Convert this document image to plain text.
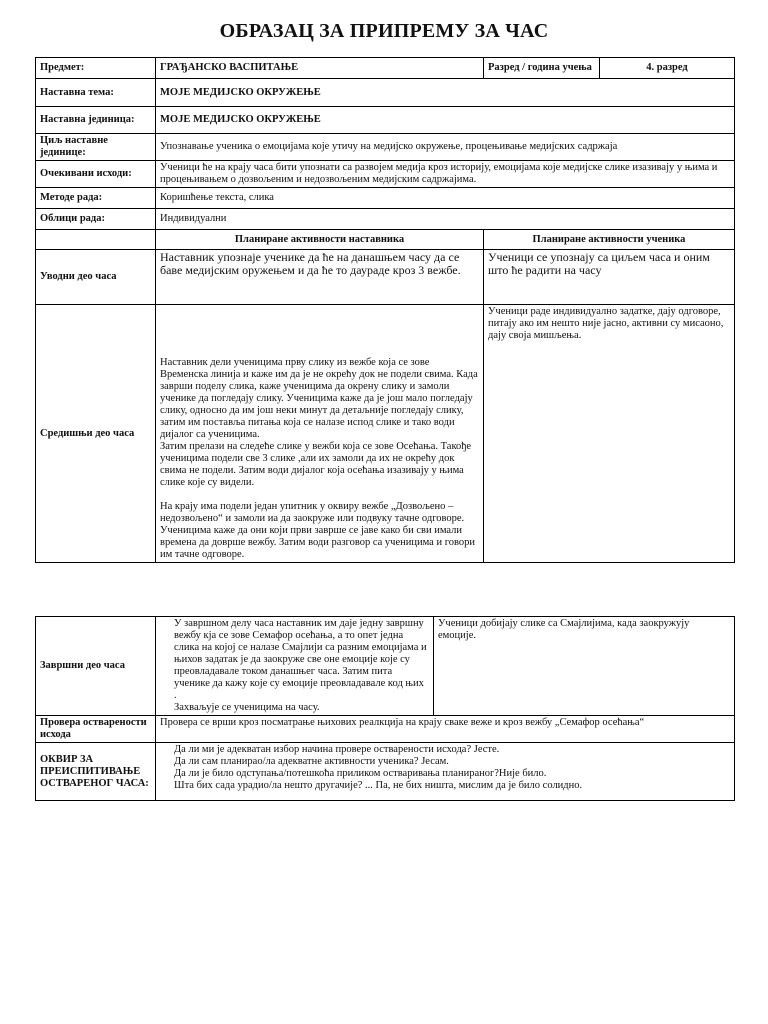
ОБРАЗАЦ ЗА ПРИПРЕМУ ЗА ЧАС
Предмет:	ГРАЂАНСКО ВАСПИТАЊЕ	Разред / година учења	4. разред
Наставна тема:	МОЈЕ МЕДИЈСКО ОКРУЖЕЊЕ		
Наставна јединица:	МОЈЕ МЕДИЈСКО ОКРУЖЕЊЕ		
Циљ наставне јединице:	Упознавање ученика о емоцијама које утичу на медијско окружење, процењивање медијских садржаја		
Очекивани исходи:	Ученици ће на крају часа бити упознати са развојем медија кроз историју, емоцијама које медијске слике изазивају у њима и процењивањем о дозвољеним и недозвољеним медијским садржајима.		
Методе рада:	Коришћење текста, слика		
Облици рада:	Индивидуални		
	Планиране активности наставника	Планиране активности ученика	
Уводни део часа	Наставник упознаје ученике да ће на данашњем часу да се баве медијским оружењем и да ће то даураде кроз 3 вежбе.	Ученици се упознају са циљем часа и оним што ће радити на часу	
Средишњи део часа	Наставник дели ученицима прву слику из вежбе која се зове Временска линија и каже им да је не окрећу док не подели свима. Када заврши поделу слика, каже ученицима да окрену слику и замоли ученике да погледају слику. Ученицима каже да је још мало погледају слику, односно да им још неки минут да детаљније погледају слику, затим им поставља питања која се налазе испод слике и тако води дијалог са ученицима.
Затим прелази на следеће слике у вежби која се зове Осећања. Такође ученицима подели све 3 слике ,али их замоли да их не окрећу док свима не подели. Затим води дијалог која осећања изазивају у њима слике које су видели.
На крају има подели један упитник у оквиру вежбе „Дозвољено – недозвољено“ и замоли иа да заокруже или подвуку тачне одговоре. Ученицима каже да они који први заврше се јаве како би сви имали времена да доврше вежбу. Затим води разговор са ученицима и говори им тачне одговоре.	Ученици раде индивидуално задатке, дају одговоре, питају ако им нешто није јасно, активни су мисаоно, дају своја мишљења.	
Завршни део часа	У завршном делу часа наставник им даје једну завршну вежбу кја се зове Семафор осећања, а то опет једна слика на којој се налазе Смајлији са разним емоцијама и њихов задатак је да заокруже све оне емоције које су преовладавале током данашњег часа. Затим пита ученике да кажу које су емоције преовладавале код њих .
Захваљује се ученицима на часу.	Ученици добијају слике са Смајлијима, када заокружују емоције.
Провера остварености исхода	Провера се врши кроз посматрање њихових реалкција на крају сваке веже и кроз вежбу „Семафор осећања“	
ОКВИР ЗА ПРЕИСПИТИВАЊЕ ОСТВАРЕНОГ ЧАСА:	Да ли ми је адекватан избор начина провере остварености исхода? Јесте.
Да ли сам планирао/ла адекватне активности ученика? Јесам.
Да ли је било одступања/потешкоћа приликом остваривања планираног?Није било.
Шта бих сада урадио/ла нешто другачије? ... Па, не бих ништа, мислим да је било солидно.	
